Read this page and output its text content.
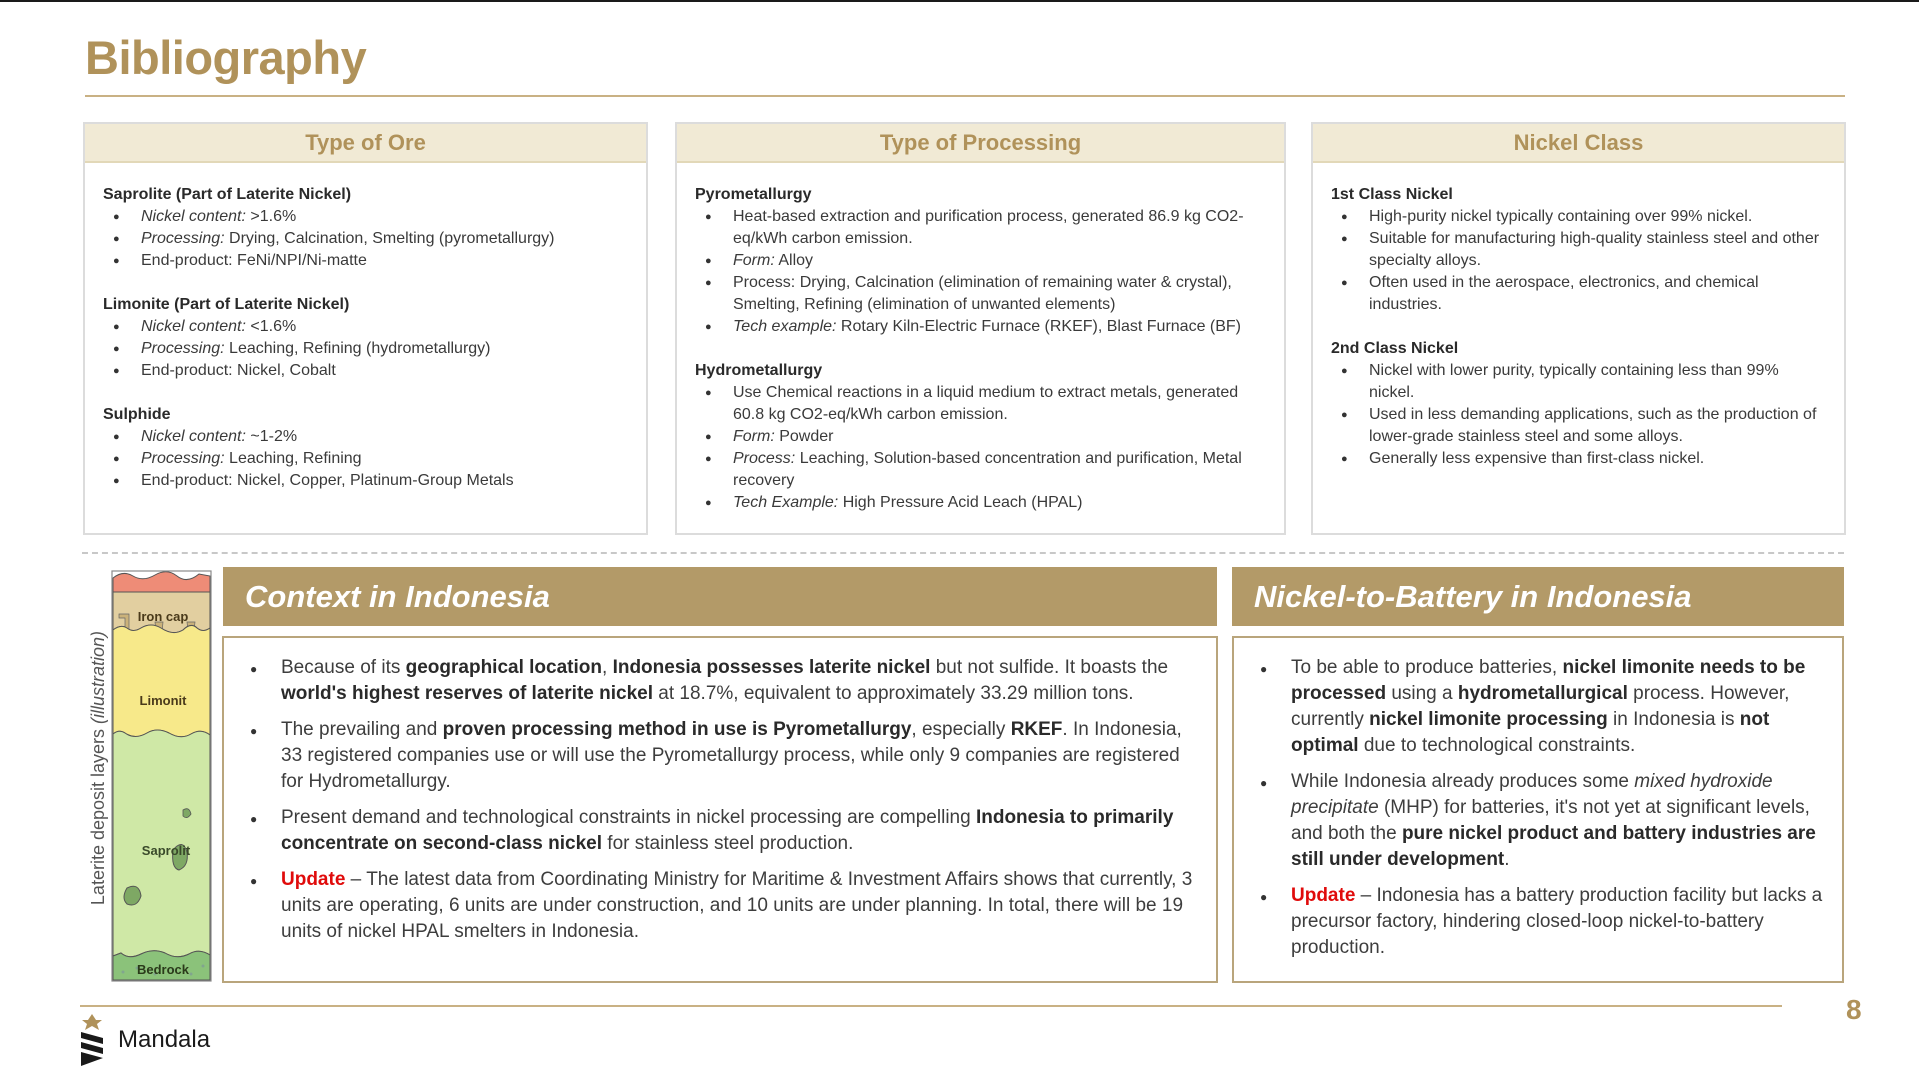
Bibliography
Type of Ore
Saprolite (Part of Laterite Nickel)
● Nickel content: >1.6%
● Processing: Drying, Calcination, Smelting (pyrometallurgy)
● End-product: FeNi/NPI/Ni-matte
Limonite (Part of Laterite Nickel)
● Nickel content: <1.6%
● Processing: Leaching, Refining (hydrometallurgy)
● End-product: Nickel, Cobalt
Sulphide
● Nickel content: ~1-2%
● Processing: Leaching, Refining
● End-product: Nickel, Copper, Platinum-Group Metals
Type of Processing
Pyrometallurgy
● Heat-based extraction and purification process, generated 86.9 kg CO2-eq/kWh carbon emission.
● Form: Alloy
● Process: Drying, Calcination (elimination of remaining water & crystal), Smelting, Refining (elimination of unwanted elements)
● Tech example: Rotary Kiln-Electric Furnace (RKEF), Blast Furnace (BF)
Hydrometallurgy
● Use Chemical reactions in a liquid medium to extract metals, generated 60.8 kg CO2-eq/kWh carbon emission.
● Form: Powder
● Process: Leaching, Solution-based concentration and purification, Metal recovery
● Tech Example: High Pressure Acid Leach (HPAL)
Nickel Class
1st Class Nickel
● High-purity nickel typically containing over 99% nickel.
● Suitable for manufacturing high-quality stainless steel and other specialty alloys.
● Often used in the aerospace, electronics, and chemical industries.
2nd Class Nickel
● Nickel with lower purity, typically containing less than 99% nickel.
● Used in less demanding applications, such as the production of lower-grade stainless steel and some alloys.
● Generally less expensive than first-class nickel.
Laterite deposit layers (illustration)
Iron cap
Limonit
Saprolit
Bedrock
Context in Indonesia
● Because of its geographical location, Indonesia possesses laterite nickel but not sulfide. It boasts the world's highest reserves of laterite nickel at 18.7%, equivalent to approximately 33.29 million tons.
● The prevailing and proven processing method in use is Pyrometallurgy, especially RKEF. In Indonesia, 33 registered companies use or will use the Pyrometallurgy process, while only 9 companies are registered for Hydrometallurgy.
● Present demand and technological constraints in nickel processing are compelling Indonesia to primarily concentrate on second-class nickel for stainless steel production.
● Update – The latest data from Coordinating Ministry for Maritime & Investment Affairs shows that currently, 3 units are operating, 6 units are under construction, and 10 units are under planning. In total, there will be 19 units of nickel HPAL smelters in Indonesia.
Nickel-to-Battery in Indonesia
● To be able to produce batteries, nickel limonite needs to be processed using a hydrometallurgical process. However, currently nickel limonite processing in Indonesia is not optimal due to technological constraints.
● While Indonesia already produces some mixed hydroxide precipitate (MHP) for batteries, it's not yet at significant levels, and both the pure nickel product and battery industries are still under development.
● Update – Indonesia has a battery production facility but lacks a precursor factory, hindering closed-loop nickel-to-battery production.
8
Mandala
